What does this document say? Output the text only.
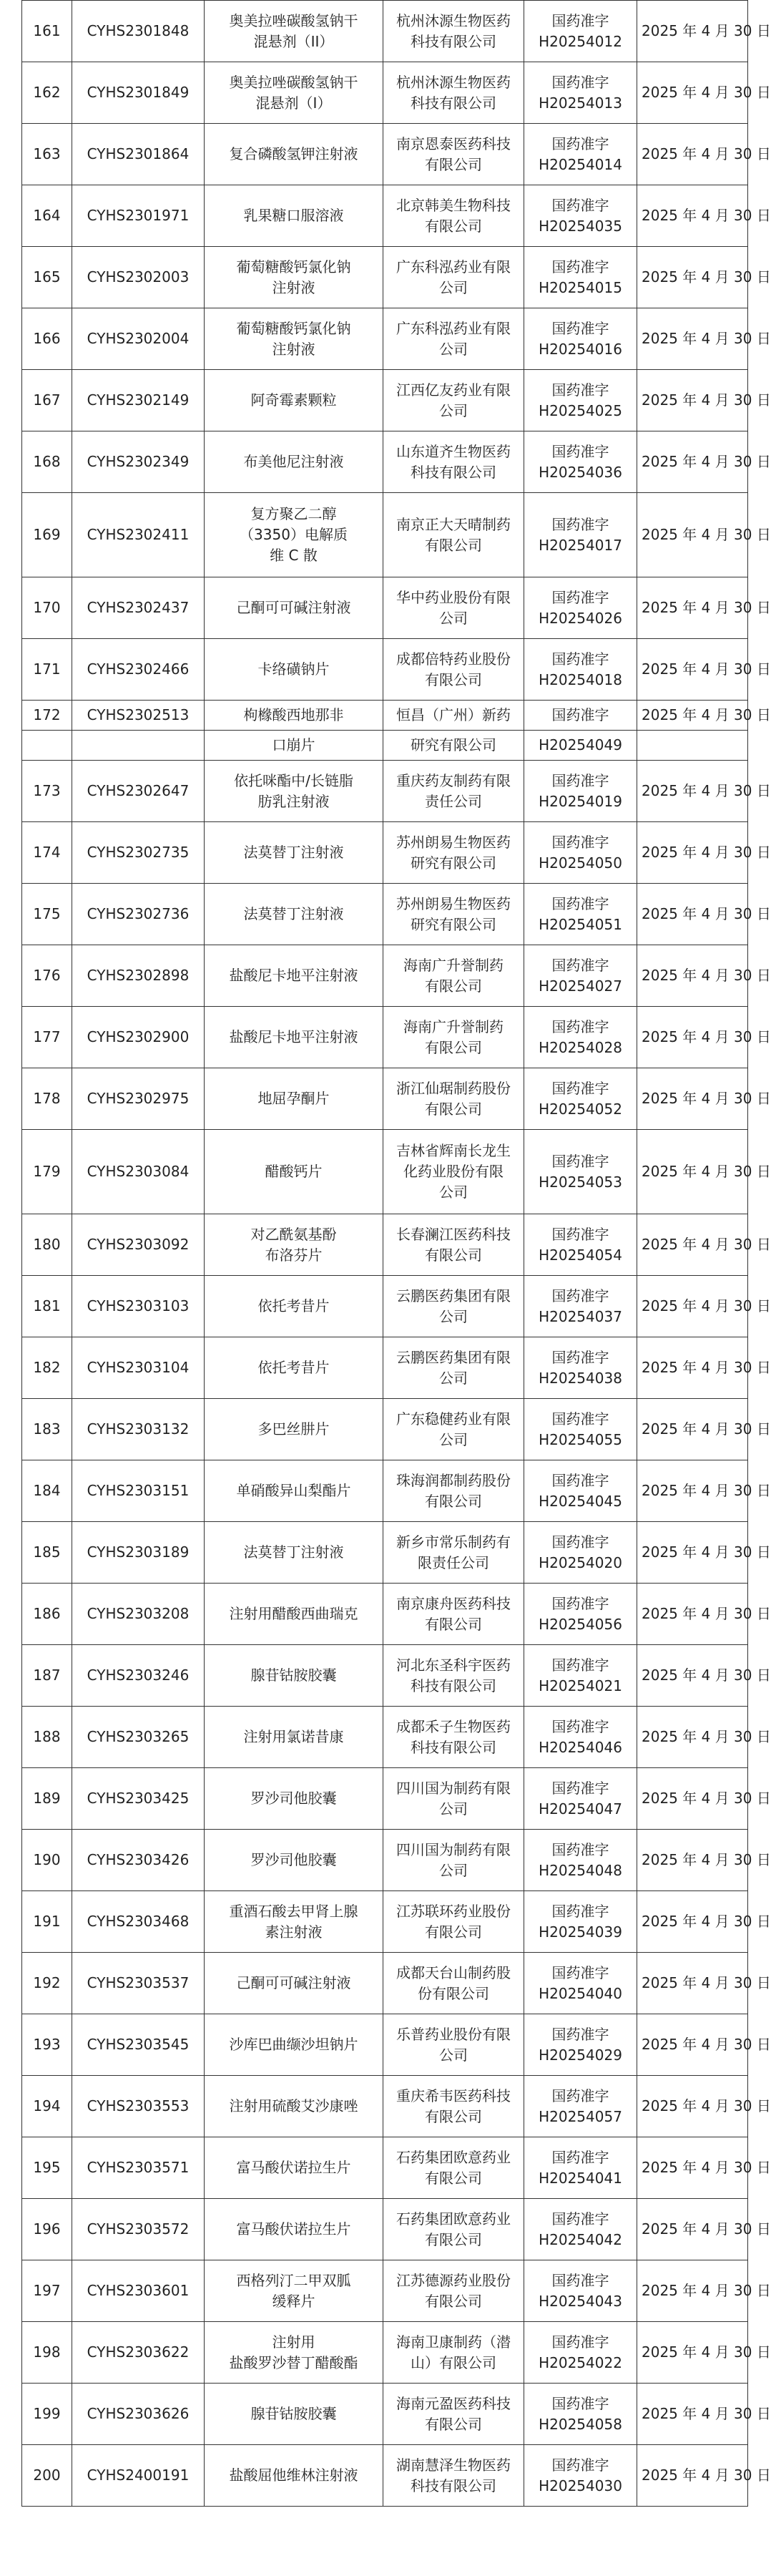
161	CYHS2301848	奥美拉唑碳酸氢钠干
混悬剂（II）	杭州沐源生物医药
科技有限公司	国药准字
H20254012	2025 年 4 月 30 日
162	CYHS2301849	奥美拉唑碳酸氢钠干
混悬剂（I）	杭州沐源生物医药
科技有限公司	国药准字
H20254013	2025 年 4 月 30 日
163	CYHS2301864	复合磷酸氢钾注射液	南京恩泰医药科技
有限公司	国药准字
H20254014	2025 年 4 月 30 日
164	CYHS2301971	乳果糖口服溶液	北京韩美生物科技
有限公司	国药准字
H20254035	2025 年 4 月 30 日
165	CYHS2302003	葡萄糖酸钙氯化钠
注射液	广东科泓药业有限
公司	国药准字
H20254015	2025 年 4 月 30 日
166	CYHS2302004	葡萄糖酸钙氯化钠
注射液	广东科泓药业有限
公司	国药准字
H20254016	2025 年 4 月 30 日
167	CYHS2302149	阿奇霉素颗粒	江西亿友药业有限
公司	国药准字
H20254025	2025 年 4 月 30 日
168	CYHS2302349	布美他尼注射液	山东道齐生物医药
科技有限公司	国药准字
H20254036	2025 年 4 月 30 日
169	CYHS2302411	复方聚乙二醇
（3350）电解质
维 C 散	南京正大天晴制药
有限公司	国药准字
H20254017	2025 年 4 月 30 日
170	CYHS2302437	己酮可可碱注射液	华中药业股份有限
公司	国药准字
H20254026	2025 年 4 月 30 日
171	CYHS2302466	卡络磺钠片	成都倍特药业股份
有限公司	国药准字
H20254018	2025 年 4 月 30 日
172	CYHS2302513	枸橼酸西地那非	恒昌（广州）新药	国药准字	2025 年 4 月 30 日

		口崩片	研究有限公司	H20254049	

173	CYHS2302647	依托咪酯中/长链脂
肪乳注射液	重庆药友制药有限
责任公司	国药准字
H20254019	2025 年 4 月 30 日
174	CYHS2302735	法莫替丁注射液	苏州朗易生物医药
研究有限公司	国药准字
H20254050	2025 年 4 月 30 日
175	CYHS2302736	法莫替丁注射液	苏州朗易生物医药
研究有限公司	国药准字
H20254051	2025 年 4 月 30 日
176	CYHS2302898	盐酸尼卡地平注射液	海南广升誉制药
有限公司	国药准字
H20254027	2025 年 4 月 30 日
177	CYHS2302900	盐酸尼卡地平注射液	海南广升誉制药
有限公司	国药准字
H20254028	2025 年 4 月 30 日
178	CYHS2302975	地屈孕酮片	浙江仙琚制药股份
有限公司	国药准字
H20254052	2025 年 4 月 30 日
179	CYHS2303084	醋酸钙片	吉林省辉南长龙生
化药业股份有限
公司	国药准字
H20254053	2025 年 4 月 30 日
180	CYHS2303092	对乙酰氨基酚
布洛芬片	长春澜江医药科技
有限公司	国药准字
H20254054	2025 年 4 月 30 日
181	CYHS2303103	依托考昔片	云鹏医药集团有限
公司	国药准字
H20254037	2025 年 4 月 30 日
182	CYHS2303104	依托考昔片	云鹏医药集团有限
公司	国药准字
H20254038	2025 年 4 月 30 日
183	CYHS2303132	多巴丝肼片	广东稳健药业有限
公司	国药准字
H20254055	2025 年 4 月 30 日
184	CYHS2303151	单硝酸异山梨酯片	珠海润都制药股份
有限公司	国药准字
H20254045	2025 年 4 月 30 日
185	CYHS2303189	法莫替丁注射液	新乡市常乐制药有
限责任公司	国药准字
H20254020	2025 年 4 月 30 日
186	CYHS2303208	注射用醋酸西曲瑞克	南京康舟医药科技
有限公司	国药准字
H20254056	2025 年 4 月 30 日
187	CYHS2303246	腺苷钴胺胶囊	河北东圣科宇医药
科技有限公司	国药准字
H20254021	2025 年 4 月 30 日
188	CYHS2303265	注射用氯诺昔康	成都禾子生物医药
科技有限公司	国药准字
H20254046	2025 年 4 月 30 日
189	CYHS2303425	罗沙司他胶囊	四川国为制药有限
公司	国药准字
H20254047	2025 年 4 月 30 日
190	CYHS2303426	罗沙司他胶囊	四川国为制药有限
公司	国药准字
H20254048	2025 年 4 月 30 日
191	CYHS2303468	重酒石酸去甲肾上腺
素注射液	江苏联环药业股份
有限公司	国药准字
H20254039	2025 年 4 月 30 日
192	CYHS2303537	己酮可可碱注射液	成都天台山制药股
份有限公司	国药准字
H20254040	2025 年 4 月 30 日
193	CYHS2303545	沙库巴曲缬沙坦钠片	乐普药业股份有限
公司	国药准字
H20254029	2025 年 4 月 30 日
194	CYHS2303553	注射用硫酸艾沙康唑	重庆希韦医药科技
有限公司	国药准字
H20254057	2025 年 4 月 30 日
195	CYHS2303571	富马酸伏诺拉生片	石药集团欧意药业
有限公司	国药准字
H20254041	2025 年 4 月 30 日
196	CYHS2303572	富马酸伏诺拉生片	石药集团欧意药业
有限公司	国药准字
H20254042	2025 年 4 月 30 日
197	CYHS2303601	西格列汀二甲双胍
缓释片	江苏德源药业股份
有限公司	国药准字
H20254043	2025 年 4 月 30 日
198	CYHS2303622	注射用
盐酸罗沙替丁醋酸酯	海南卫康制药（潜
山）有限公司	国药准字
H20254022	2025 年 4 月 30 日
199	CYHS2303626	腺苷钴胺胶囊	海南元盈医药科技
有限公司	国药准字
H20254058	2025 年 4 月 30 日
200	CYHS2400191	盐酸屈他维林注射液	湖南慧泽生物医药
科技有限公司	国药准字
H20254030	2025 年 4 月 30 日
